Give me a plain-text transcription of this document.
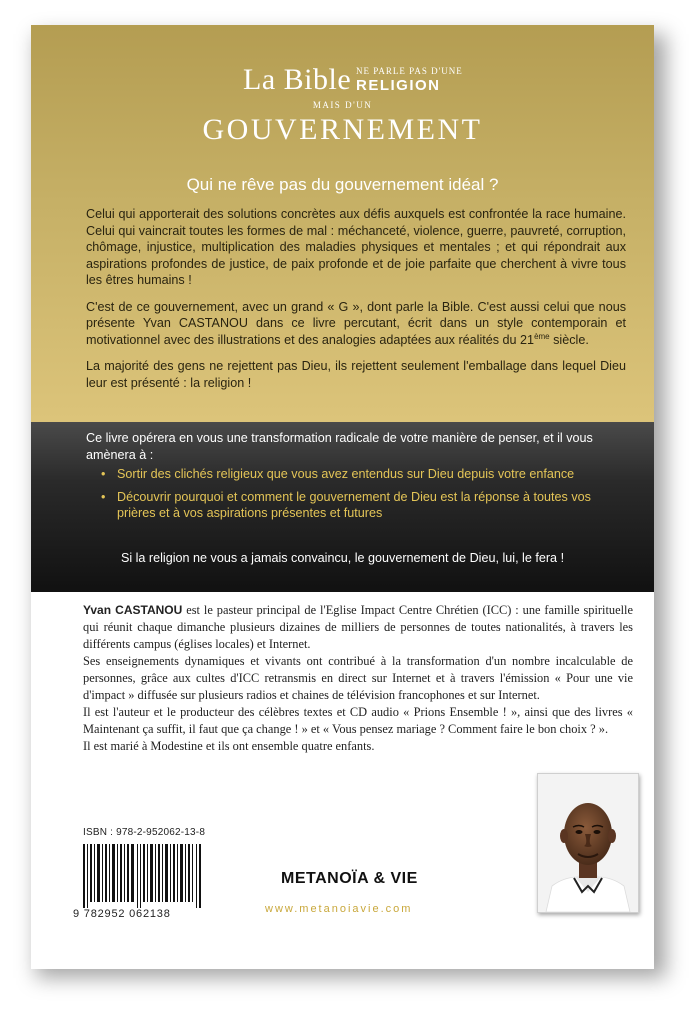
La Bible NE PARLE PAS D'UNE
RELIGION
MAIS D'UN
GOUVERNEMENT
Qui ne rêve pas du gouvernement idéal ?

Celui qui apporterait des solutions concrètes aux défis auxquels est confrontée la race humaine. Celui qui vaincrait toutes les formes de mal : méchanceté, violence, guerre, pauvreté, corruption, chômage, injustice, multiplication des maladies physiques et mentales ; et qui répondrait aux aspirations profondes de justice, de paix profonde et de joie parfaite que cherchent à vivre tous les êtres humains !

C'est de ce gouvernement, avec un grand « G », dont parle la Bible. C'est aussi celui que nous présente Yvan CASTANOU dans ce livre percutant, écrit dans un style contemporain et motivationnel avec des illustrations et des analogies adaptées aux réalités du 21ème siècle.

La majorité des gens ne rejettent pas Dieu, ils rejettent seulement l'emballage dans lequel Dieu leur est présenté : la religion !

Ce livre opérera en vous une transformation radicale de votre manière de penser, et il vous amènera à :
• Sortir des clichés religieux que vous avez entendus sur Dieu depuis votre enfance
• Découvrir pourquoi et comment le gouvernement de Dieu est la réponse à toutes vos prières et à vos aspirations présentes et futures
Si la religion ne vous a jamais convaincu, le gouvernement de Dieu, lui, le fera !

Yvan CASTANOU est le pasteur principal de l'Eglise Impact Centre Chrétien (ICC) : une famille spirituelle qui réunit chaque dimanche plusieurs dizaines de milliers de personnes de toutes nationalités, à travers les différents campus (églises locales) et Internet.

Ses enseignements dynamiques et vivants ont contribué à la transformation d'un nombre incalculable de personnes, grâce aux cultes d'ICC retransmis en direct sur Internet et à travers l'émission « Pour une vie d'impact » diffusée sur plusieurs radios et chaines de télévision francophones et sur Internet.

Il est l'auteur et le producteur des célèbres textes et CD audio « Prions Ensemble ! », ainsi que des livres « Maintenant ça suffit, il faut que ça change ! » et « Vous pensez mariage ? Comment faire le bon choix ? ».

Il est marié à Modestine et ils ont ensemble quatre enfants.

ISBN : 978-2-952062-13-8
9 782952 062138
METANOÏA & VIE
www.metanoiavie.com
